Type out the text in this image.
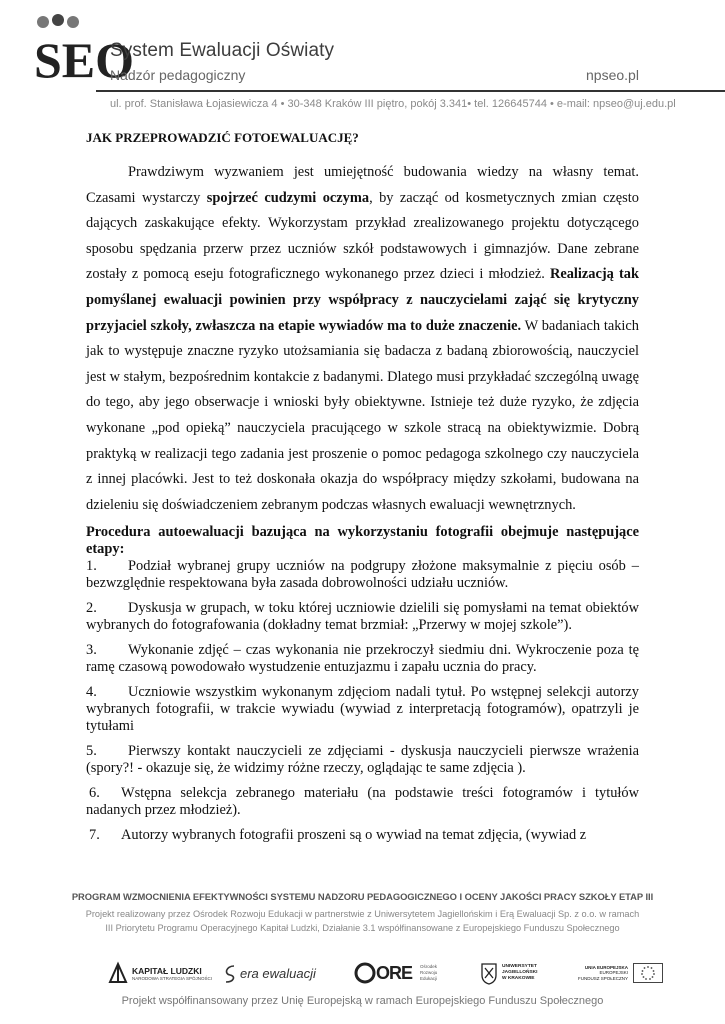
SEO
System Ewaluacji Oświaty
Nadzór pedagogiczny	npseo.pl
ul. prof. Stanisława Łojasiewicza 4 • 30-348 Kraków III piętro, pokój 3.341• tel. 126645744 • e-mail: npseo@uj.edu.pl
JAK PRZEPROWADZIĆ FOTOEWALUACJĘ?

Prawdziwym wyzwaniem jest umiejętność budowania wiedzy na własny temat. Czasami wystarczy spojrzeć cudzymi oczyma, by zacząć od kosmetycznych zmian często dających zaskakujące efekty. Wykorzystam przykład zrealizowanego projektu dotyczącego sposobu spędzania przerw przez uczniów szkół podstawowych i gimnazjów. Dane zebrane zostały z pomocą eseju fotograficznego wykonanego przez dzieci i młodzież. Realizacją tak pomyślanej ewaluacji powinien przy współpracy z nauczycielami zająć się krytyczny przyjaciel szkoły, zwłaszcza na etapie wywiadów ma to duże znaczenie. W badaniach takich jak to występuje znaczne ryzyko utożsamiania się badacza z badaną zbiorowością, nauczyciel jest w stałym, bezpośrednim kontakcie z badanymi. Dlatego musi przykładać szczególną uwagę do tego, aby jego obserwacje i wnioski były obiektywne. Istnieje też duże ryzyko, że zdjęcia wykonane „pod opieką” nauczyciela pracującego w szkole stracą na obiektywizmie. Dobrą praktyką w realizacji tego zadania jest proszenie o pomoc pedagoga szkolnego czy nauczyciela z innej placówki. Jest to też doskonała okazja do współpracy między szkołami, budowana na dzieleniu się doświadczeniem zebranym podczas własnych ewaluacji wewnętrznych.

Procedura autoewaluacji bazująca na wykorzystaniu fotografii obejmuje następujące etapy:
1. Podział wybranej grupy uczniów na podgrupy złożone maksymalnie z pięciu osób – bezwzględnie respektowana była zasada dobrowolności udziału uczniów.
2. Dyskusja w grupach, w toku której uczniowie dzielili się pomysłami na temat obiektów wybranych do fotografowania (dokładny temat brzmiał: „Przerwy w mojej szkole”).
3. Wykonanie zdjęć – czas wykonania nie przekroczył siedmiu dni. Wykroczenie poza tę ramę czasową powodowało wystudzenie entuzjazmu i zapału ucznia do pracy.
4. Uczniowie wszystkim wykonanym zdjęciom nadali tytuł. Po wstępnej selekcji autorzy wybranych fotografii, w trakcie wywiadu (wywiad z interpretacją fotogramów), opatrzyli je tytułami
5. Pierwszy kontakt nauczycieli ze zdjęciami - dyskusja nauczycieli pierwsze wrażenia (spory?! - okazuje się, że widzimy różne rzeczy, oglądając te same zdjęcia ).
6. Wstępna selekcja zebranego materiału (na podstawie treści fotogramów i tytułów nadanych przez młodzież).
7. Autorzy wybranych fotografii proszeni są o wywiad na temat zdjęcia, (wywiad z
PROGRAM WZMOCNIENIA EFEKTYWNOŚCI SYSTEMU NADZORU PEDAGOGICZNEGO I OCENY JAKOŚCI PRACY SZKOŁY ETAP III
Projekt realizowany przez Ośrodek Rozwoju Edukacji w partnerstwie z Uniwersytetem Jagiellońskim i Erą Ewaluacji Sp. z o.o. w ramach
III Priorytetu Programu Operacyjnego Kapitał Ludzki, Działanie 3.1 współfinansowane z Europejskiego Funduszu Społecznego
KAPITAŁ LUDZKI
NARODOWA STRATEGIA SPÓJNOŚCI era ewaluacji	ORE Ośrodek
Rozwoju
Edukacji
UNIWERSYTET
JAGIELLOŃSKI
W KRAKOWIE
UNIA EUROPEJSKA
EUROPEJSKI
FUNDUSZ SPOŁECZNY
Projekt współfinansowany przez Unię Europejską w ramach Europejskiego Funduszu Społecznego
